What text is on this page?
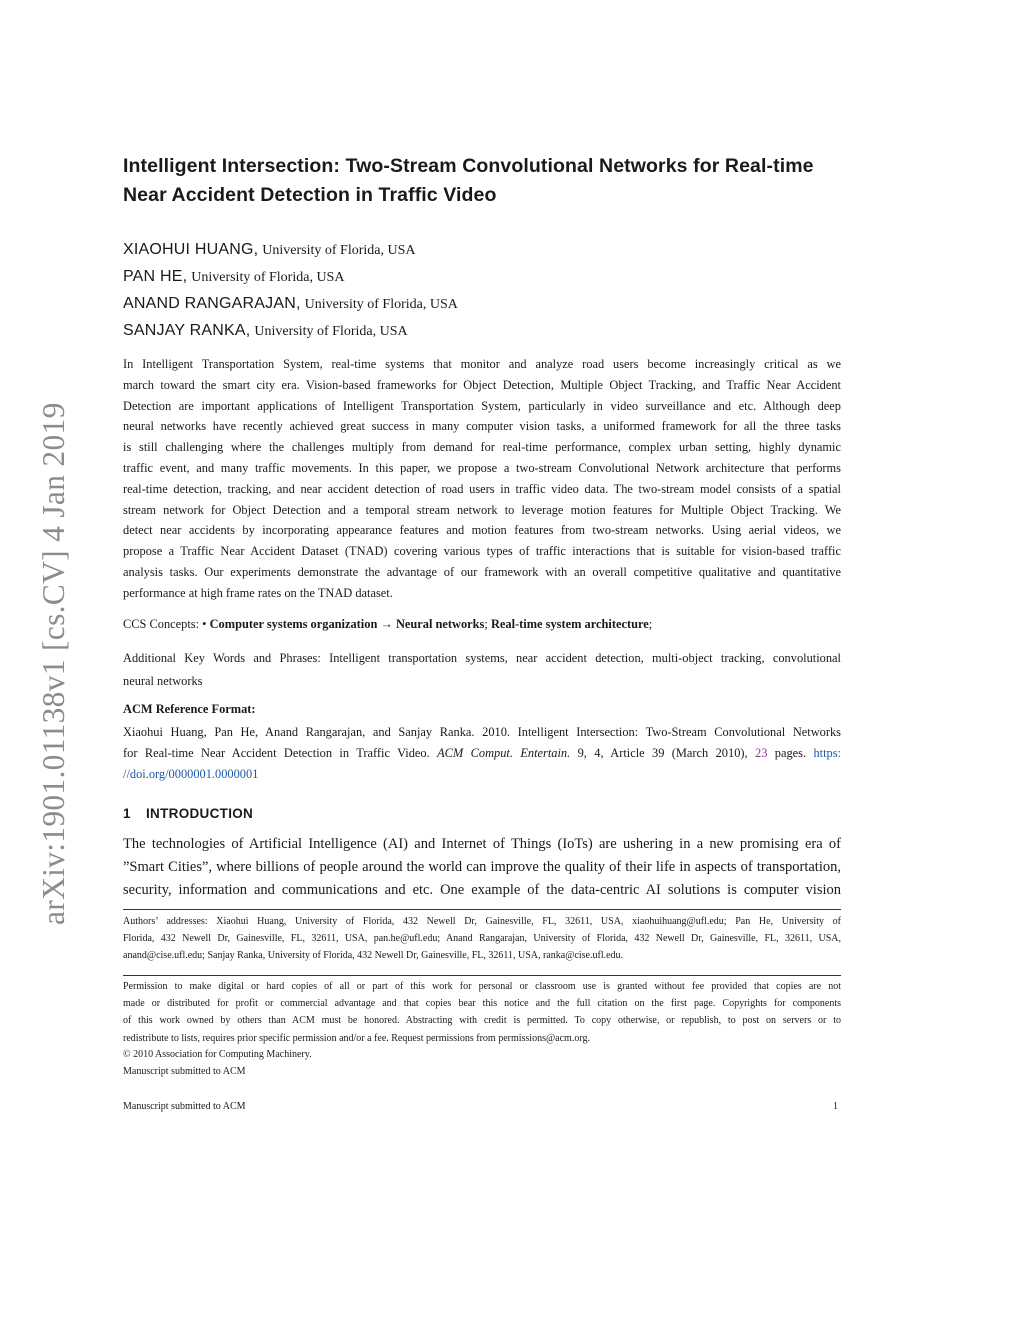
arXiv:1901.01138v1 [cs.CV] 4 Jan 2019
Intelligent Intersection: Two-Stream Convolutional Networks for Real-time
Near Accident Detection in Traffic Video
XIAOHUI HUANG, University of Florida, USA
PAN HE, University of Florida, USA
ANAND RANGARAJAN, University of Florida, USA
SANJAY RANKA, University of Florida, USA
In Intelligent Transportation System, real-time systems that monitor and analyze road users become increasingly critical as we
march toward the smart city era. Vision-based frameworks for Object Detection, Multiple Object Tracking, and Traffic Near Accident
Detection are important applications of Intelligent Transportation System, particularly in video surveillance and etc. Although deep
neural networks have recently achieved great success in many computer vision tasks, a uniformed framework for all the three tasks
is still challenging where the challenges multiply from demand for real-time performance, complex urban setting, highly dynamic
traffic event, and many traffic movements. In this paper, we propose a two-stream Convolutional Network architecture that performs
real-time detection, tracking, and near accident detection of road users in traffic video data. The two-stream model consists of a spatial
stream network for Object Detection and a temporal stream network to leverage motion features for Multiple Object Tracking. We
detect near accidents by incorporating appearance features and motion features from two-stream networks. Using aerial videos, we
propose a Traffic Near Accident Dataset (TNAD) covering various types of traffic interactions that is suitable for vision-based traffic
analysis tasks. Our experiments demonstrate the advantage of our framework with an overall competitive qualitative and quantitative
performance at high frame rates on the TNAD dataset.
CCS Concepts: • Computer systems organization → Neural networks; Real-time system architecture;
Additional Key Words and Phrases: Intelligent transportation systems, near accident detection, multi-object tracking, convolutional
neural networks
ACM Reference Format:
Xiaohui Huang, Pan He, Anand Rangarajan, and Sanjay Ranka. 2010. Intelligent Intersection: Two-Stream Convolutional Networks
for Real-time Near Accident Detection in Traffic Video. ACM Comput. Entertain. 9, 4, Article 39 (March 2010), 23 pages. https:
//doi.org/0000001.0000001
1 INTRODUCTION
The technologies of Artificial Intelligence (AI) and Internet of Things (IoTs) are ushering in a new promising era of
”Smart Cities”, where billions of people around the world can improve the quality of their life in aspects of transportation,
security, information and communications and etc. One example of the data-centric AI solutions is computer vision
Authors’ addresses: Xiaohui Huang, University of Florida, 432 Newell Dr, Gainesville, FL, 32611, USA, xiaohuihuang@ufl.edu; Pan He, University of
Florida, 432 Newell Dr, Gainesville, FL, 32611, USA, pan.he@ufl.edu; Anand Rangarajan, University of Florida, 432 Newell Dr, Gainesville, FL, 32611, USA,
anand@cise.ufl.edu; Sanjay Ranka, University of Florida, 432 Newell Dr, Gainesville, FL, 32611, USA, ranka@cise.ufl.edu.
Permission to make digital or hard copies of all or part of this work for personal or classroom use is granted without fee provided that copies are not
made or distributed for profit or commercial advantage and that copies bear this notice and the full citation on the first page. Copyrights for components
of this work owned by others than ACM must be honored. Abstracting with credit is permitted. To copy otherwise, or republish, to post on servers or to
redistribute to lists, requires prior specific permission and/or a fee. Request permissions from permissions@acm.org.
© 2010 Association for Computing Machinery.
Manuscript submitted to ACM
Manuscript submitted to ACM	1
